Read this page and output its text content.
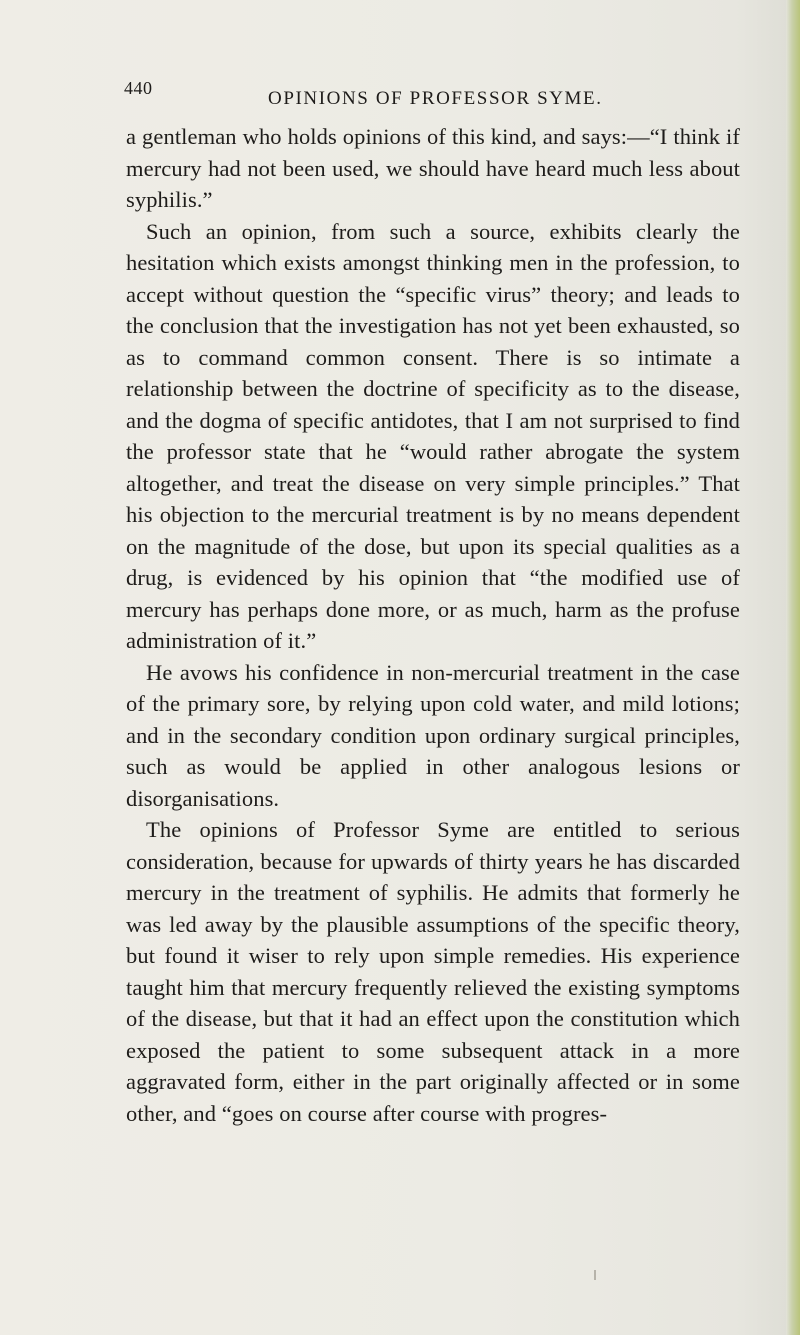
440	OPINIONS OF PROFESSOR SYME.

a gentleman who holds opinions of this kind, and says:—“I think if mercury had not been used, we should have heard much less about syphilis.”

Such an opinion, from such a source, exhibits clearly the hesitation which exists amongst thinking men in the profession, to accept without question the “specific virus” theory; and leads to the conclusion that the investigation has not yet been exhausted, so as to command common consent. There is so intimate a relationship between the doctrine of specificity as to the disease, and the dogma of specific antidotes, that I am not surprised to find the professor state that he “would rather abrogate the system altogether, and treat the disease on very simple principles.” That his objection to the mercurial treatment is by no means dependent on the magnitude of the dose, but upon its special qualities as a drug, is evidenced by his opinion that “the modified use of mercury has perhaps done more, or as much, harm as the profuse administration of it.”

He avows his confidence in non-mercurial treatment in the case of the primary sore, by relying upon cold water, and mild lotions; and in the secondary condition upon ordinary surgical principles, such as would be applied in other analogous lesions or disorganisations.

The opinions of Professor Syme are entitled to serious consideration, because for upwards of thirty years he has discarded mercury in the treatment of syphilis. He admits that formerly he was led away by the plausible assumptions of the specific theory, but found it wiser to rely upon simple remedies. His experience taught him that mercury frequently relieved the existing symptoms of the disease, but that it had an effect upon the constitution which exposed the patient to some subsequent attack in a more aggravated form, either in the part originally affected or in some other, and “goes on course after course with progres-
